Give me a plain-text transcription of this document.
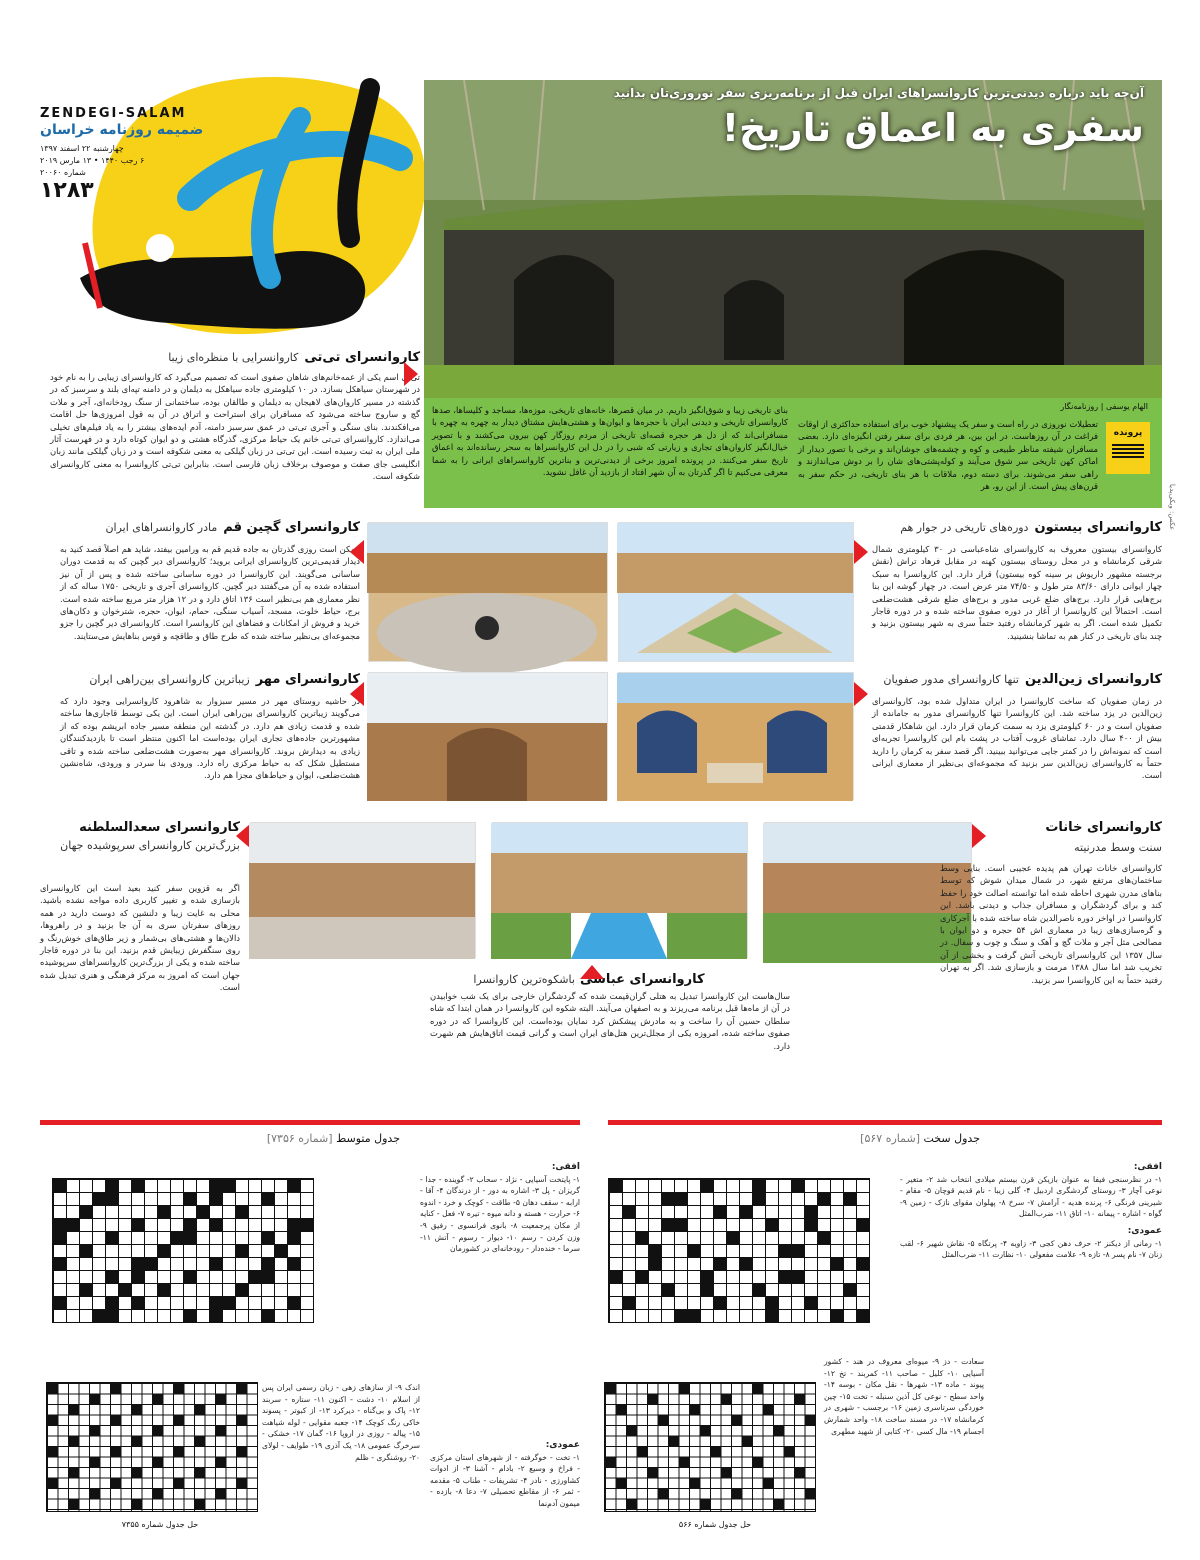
ZENDEGI-SALAM
ضمیمه روزنامه خراسان
چهارشنبه ۲۲ اسفند ۱۳۹۷
۶ رجب ۱۴۴۰ • ۱۳ مارس ۲۰۱۹
شماره ۲۰۰۶۰
۱۲۸۳
آن‌چه باید درباره دیدنی‌ترین کاروانسراهای ایران قبل از برنامه‌ریزی سفر نوروزی‌تان بدانید
سفری به اعماق تاریخ!
عکس: ویکی‌پدیا
الهام یوسفی | روزنامه‌نگار
پرونده
تعطیلات نوروزی در راه است و سفر یک پیشنهاد خوب برای استفاده حداکثری از اوقات فراغت در آن روزهاست. در این بین، هر فردی برای سفر رفتن انگیزه‌ای دارد. بعضی مسافران شیفته مناظر طبیعی و کوه و چشمه‌های جوشان‌اند و برخی با تصور دیدار از اماکن کهن تاریخی سر شوق می‌آیند و کوله‌پشتی‌های شان را بر دوش می‌اندازند و راهی سفر می‌شوند. برای دسته دوم، ملاقات با هر بنای تاریخی، در حکم سفر به قرن‌های پیش است. از این رو، هر
بنای تاریخی زیبا و شوق‌انگیز داریم. در میان قصرها، خانه‌های تاریخی، موزه‌ها، مساجد و کلیساها، صدها کاروانسرای تاریخی و دیدنی ایران با حجره‌ها و ایوان‌ها و هشتی‌هایش مشتاق دیدار به چهره به چهره با مسافرانی‌اند که از دل هر حجره قصه‌ای تاریخی از مردم روزگار کهن بیرون می‌کشند و با تصویر خیال‌انگیز کاروان‌های تجاری و زیارتی که شبی را در دل این کاروانسراها به سحر رسانده‌اند به اعماق تاریخ سفر می‌کنند. در پرونده امروز برخی از دیدنی‌ترین و بنا‌ترین کاروانسراهای ایرانی را به شما معرفی می‌کنیم تا اگر گذرتان به آن شهر افتاد از بازدید آن غافل نشوید.
کاروانسرای تی‌تی
کاروانسرایی با منظره‌ای زیبا
تی‌تی اسم یکی از عمه‌خانم‌های شاهان صفوی است که تصمیم می‌گیرد که کاروانسرای زیبایی را به نام خود در شهرستان سیاهکل بسازد. در ۱۰ کیلومتری جاده سیاهکل به دیلمان و در دامنه تپه‌ای بلند و سرسبز که در گذشته در مسیر کاروان‌های لاهیجان به دیلمان و طالقان بوده، ساختمانی از سنگ رودخانه‌ای، آجر و ملات گچ و ساروج ساخته می‌شود که مسافران برای استراحت و اتراق در آن به قول امروزی‌ها حل اقامت می‌افکندند. بنای سنگی و آجری تی‌تی در عمق سرسبز دامنه، آدم ایده‌های بیشتر را به یاد فیلم‌های تخیلی می‌اندازد. کاروانسرای تی‌تی خانم یک حیاط مرکزی، گذرگاه هشتی و دو ایوان کوتاه دارد و در فهرست آثار ملی ایران به ثبت رسیده است. این تی‌تی در زبان گیلکی به معنی شکوفه است و در زبان گیلکی مانند زبان انگلیسی جای صفت و موصوف برخلاف زبان فارسی است. بنابراین تی‌تی کاروانسرا به معنی کاروانسرای شکوفه است.
کاروانسرای گچین قم
مادر کاروانسراهای ایران
ممکن است روزی گذرتان به جاده قدیم قم به ورامین بیفتد، شاید هم اصلاً قصد کنید به دیدار قدیمی‌ترین کاروانسرای ایرانی بروید؛ کاروانسرای دیر گچین که به قدمت دوران ساسانی می‌گویند. این کاروانسرا در دوره ساسانی ساخته شده و پس از آن نیز استفاده شده به آن می‌گفتند دیر گچین. کاروانسرای آجری و تاریخی ۱۷۵۰ ساله که از نظر معماری هم بی‌نظیر است ۱۳۶ اتاق دارد و در ۱۲ هزار متر مربع ساخته شده است. برج، حیاط خلوت، مسجد، آسیاب سنگی، حمام، ایوان، حجره، شترخوان و دکان‌های خرید و فروش از امکانات و فضاهای این کاروانسرا است. کاروانسرای دیر گچین را جزو مجموعه‌ای بی‌نظیر ساخته شده که طرح طاق و طاقچه و قوس بناهایش می‌ستایند.
کاروانسرای بیستون
دوره‌های تاریخی در جوار هم
کاروانسرای بیستون معروف به کاروانسرای شاه‌عباسی در ۳۰ کیلومتری شمال شرقی کرمانشاه و در محل روستای بیستون کهنه در مقابل فرهاد تراش (نقش برجسته مشهور داریوش بر سینه کوه بیستون) قرار دارد. این کاروانسرا به سبک چهار ایوانی دارای ۸۳/۶۰ متر طول و ۷۴/۵۰ متر عرض است. در چهار گوشه این بنا برج‌هایی قرار دارد. برج‌های ضلع غربی مدور و برج‌های ضلع شرقی هشت‌ضلعی است. احتمالاً این کاروانسرا از آغاز در دوره صفوی ساخته شده و در دوره قاجار تکمیل شده است. اگر به شهر کرمانشاه رفتید حتماً سری به شهر بیستون بزنید و چند بنای تاریخی در کنار هم به تماشا بنشینید.
کاروانسرای مهر
زیباترین کاروانسرای بین‌راهی ایران
در حاشیه روستای مهر در مسیر سبزوار به شاهرود کاروانسرایی وجود دارد که می‌گویند زیباترین کاروانسرای بین‌راهی ایران است. این یکی توسط قاجاری‌ها ساخته شده و قدمت زیادی هم دارد. در گذشته این منطقه مسیر جاده ابریشم بوده که از مشهورترین جاده‌های تجاری ایران بوده‌است اما اکنون منتظر است تا بازدیدکنندگان زیادی به دیدارش بروند. کاروانسرای مهر به‌صورت هشت‌ضلعی ساخته شده و تاقی مستطیل شکل که به حیاط مرکزی راه دارد. ورودی بنا سردر و ورودی، شاه‌نشین هشت‌ضلعی، ایوان و حیاط‌های مجزا هم دارد.
کاروانسرای زین‌الدین
تنها کاروانسرای مدور صفویان
در زمان صفویان که ساخت کاروانسرا در ایران متداول شده بود، کاروانسرای زین‌الدین در یزد ساخته شد. این کاروانسرا تنها کاروانسرای مدور به جامانده از صفویان است و در ۶۰ کیلومتری یزد به سمت کرمان قرار دارد. این شاهکار قدمتی بیش از ۴۰۰ سال دارد. تماشای غروب آفتاب در پشت بام این کاروانسرا تجربه‌ای است که نمونه‌اش را در کمتر جایی می‌توانید ببینید. اگر قصد سفر به کرمان را دارید حتماً به کاروانسرای زین‌الدین سر بزنید که مجموعه‌ای بی‌نظیر از معماری ایرانی است.
کاروانسرای سعدالسلطنه
بزرگ‌ترین کاروانسرای سرپوشیده جهان
اگر به قزوین سفر کنید بعید است این کاروانسرای بازسازی شده و تغییر کاربری داده مواجه نشده باشید. محلی به غایت زیبا و دلنشین که دوست دارید در همه روزهای سفرتان سری به آن جا بزنید و در راهروها، دالان‌ها و هشتی‌های بی‌شمار و زیر طاق‌های خوش‌رنگ و روی سنگفرش زیبایش قدم بزنید. این بنا در دوره قاجار ساخته شده و یکی از بزرگ‌ترین کاروانسراهای سرپوشیده جهان است که امروز به مرکز فرهنگی و هنری تبدیل شده است.
کاروانسرای عباسی باشکوه‌ترین کاروانسرا
کاروانسرای خانات
سنت وسط مدرنیته
کاروانسرای خانات تهران هم پدیده عجیبی است. بنایی وسط ساختمان‌های مرتفع شهر، در شمال میدان شوش که توسط بناهای مدرن شهری احاطه شده اما توانسته اصالت خود را حفظ کند و برای گردشگران و مسافران جذاب و دیدنی باشد. این کاروانسرا در اواخر دوره ناصرالدین شاه ساخته شده با آجرکاری و گره‌سازی‌های زیبا در معماری اش ۵۴ حجره و دو ایوان با مصالحی مثل آجر و ملات گچ و آهک و سنگ و چوب و سفال. در سال ۱۳۵۷ این کاروانسرای تاریخی آتش گرفت و بخشی از آن تخریب شد اما سال ۱۳۸۸ مرمت و بازسازی شد. اگر به تهران رفتید حتماً به این کاروانسرا سر بزنید.
سال‌هاست این کاروانسرا تبدیل به هتلی گران‌قیمت شده که گردشگران خارجی برای یک شب خوابیدن در آن از ماه‌ها قبل برنامه می‌ریزند و به اصفهان می‌آیند. البته شکوه این کاروانسرا در همان ابتدا که شاه سلطان حسین آن را ساخت و به مادرش پیشکش کرد نمایان بوده‌است. این کاروانسرا که در دوره صفوی ساخته شده، امروزه یکی از مجلل‌ترین هتل‌های ایران است و گرانی قیمت اتاق‌هایش هم شهرت دارد.
جدول سخت [شماره ۵۶۷]
جدول متوسط [شماره ۷۳۵۶]
افقی:
۱- در نظرسنجی فیفا به عنوان بازیکن قرن بیستم میلادی انتخاب شد ۲- متغیر - نوعی آچار ۳- روستای گردشگری اردبیل ۴- گلی زیبا - نام قدیم قوچان ۵- مقام - شیرینی فرنگی ۶- پرنده هدیه - آرامش ۷- سرخ ۸- پهلوان مقوای نازک - زمین ۹- گواه - اشاره - پیمانه ۱۰- اتاق ۱۱- ضرب‌المثل
عمودی:
۱- رمانی از دیکنز ۲- حرف دهن کجی ۳- زاویه ۴- پرتگاه ۵- نقاش شهیر ۶- لقب زنان ۷- نام پسر ۸- تازه ۹- علامت مفعولی ۱۰- نظارت ۱۱- ضرب‌المثل
افقی:
۱- پایتخت آسیایی - نژاد - سحاب ۲- گوینده - جدا - گریزان - پل ۳- اشاره به دور - از درندگان ۴- آقا - ارابه - سقف دهان ۵- طاقت - کوچک و خرد - اندوه ۶- حرارت - هسته و دانه میوه - تیره ۷- فعل - کنایه از مکان پرجمعیت ۸- بانوی فرانسوی - رفیق ۹- وزن کردن - رسم ۱۰- دیوار - رسوم - آتش ۱۱- سرما - خنده‌دار - رودخانه‌ای در کشورمان
عمودی:
۱- تخت - خوگرفته - از شهرهای استان مرکزی - فراخ و وسیع ۲- بادام - آشنا ۳- از ادوات کشاورزی - نادر ۴- تشریفات - طناب ۵- مقدمه - ثمر ۶- از مقاطع تحصیلی ۷- دعا ۸- بازده - میمون آدم‌نما
حل جدول شماره ۷۳۵۵
اندک ۹- از سازهای زهی - زبان رسمی ایران پس از اسلام ۱۰- دشت - اکنون ۱۱- ستاره - سربند ۱۲- پاک و بی‌گناه - دیرکرد ۱۳- از کبوتر - پسوند خاکی رنگ کوچک ۱۴- جعبه مقوایی - لوله شیاهت ۱۵- پیاله - روزی در اروپا ۱۶- گمان ۱۷- خشکی - سرخرگ عمومی ۱۸- یک آذری ۱۹- طوایف - لولای ۲۰- روشنگری - ظلم
حل جدول شماره ۵۶۶
سعادت - دز ۹- میوه‌ای معروف در هند - کشور آسیایی ۱۰- کلیل - صاحب ۱۱- کمربند - تخ ۱۲- پیوند - ماده ۱۳- شهرها - نقل مکان - بوسه ۱۴- واحد سطح - نوعی کل آذین سنبله - تخت ۱۵- چین خوردگی سرتاسری زمین ۱۶- برجسب - شهری در کرمانشاه ۱۷- در مسند ساخت ۱۸- واحد شمارش اجسام ۱۹- مال کسی ۲۰- کتابی از شهید مطهری
